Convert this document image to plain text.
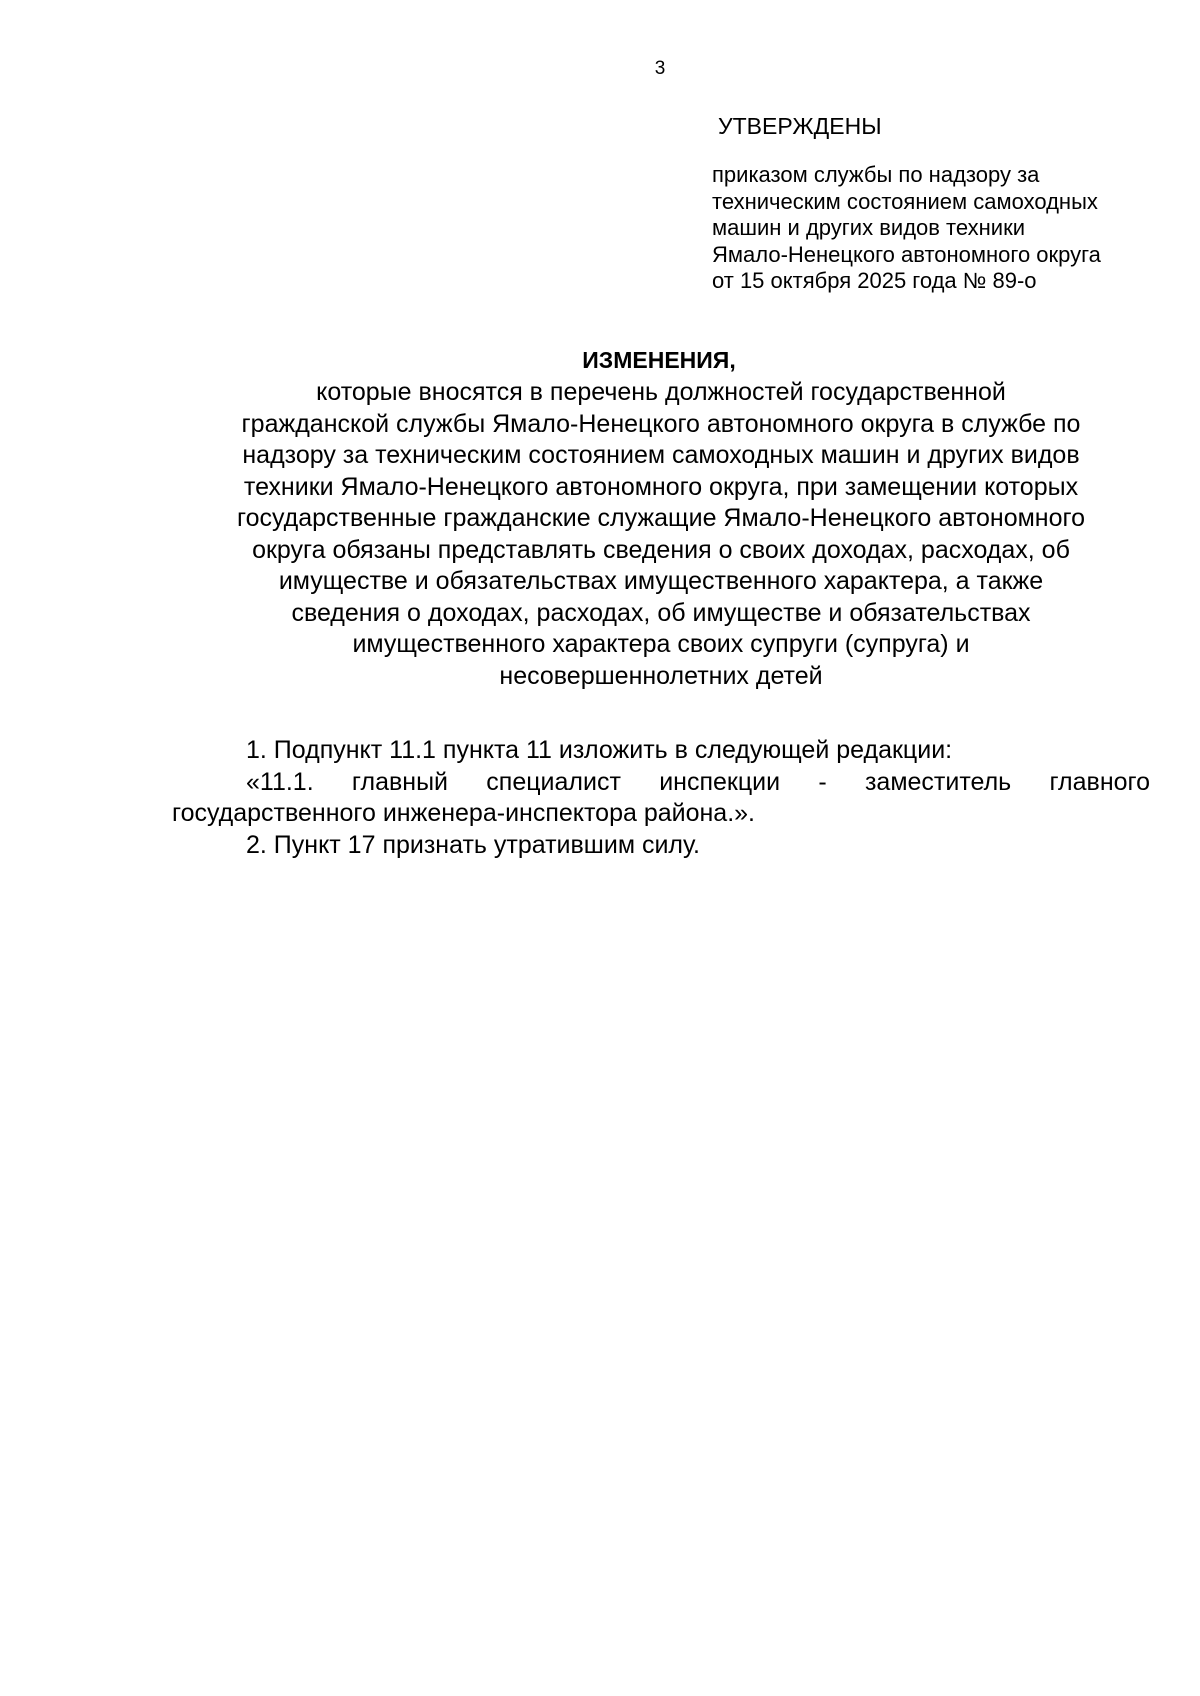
3
УТВЕРЖДЕНЫ
приказом службы по надзору за
техническим состоянием самоходных
машин и других видов техники
Ямало-Ненецкого автономного округа
от 15 октября 2025 года № 89-о
ИЗМЕНЕНИЯ,
которые вносятся в перечень должностей государственной
гражданской службы Ямало-Ненецкого автономного округа в службе по
надзору за техническим состоянием самоходных машин и других видов
техники Ямало-Ненецкого автономного округа, при замещении которых
государственные гражданские служащие Ямало-Ненецкого автономного
округа обязаны представлять сведения о своих доходах, расходах, об
имуществе и обязательствах имущественного характера, а также
сведения о доходах, расходах, об имуществе и обязательствах
имущественного характера своих супруги (супруга) и
несовершеннолетних детей

1. Подпункт 11.1 пункта 11 изложить в следующей редакции:

«11.1. главный специалист инспекции - заместитель главного государственного инженера-инспектора района.».

2. Пункт 17 признать утратившим силу.
